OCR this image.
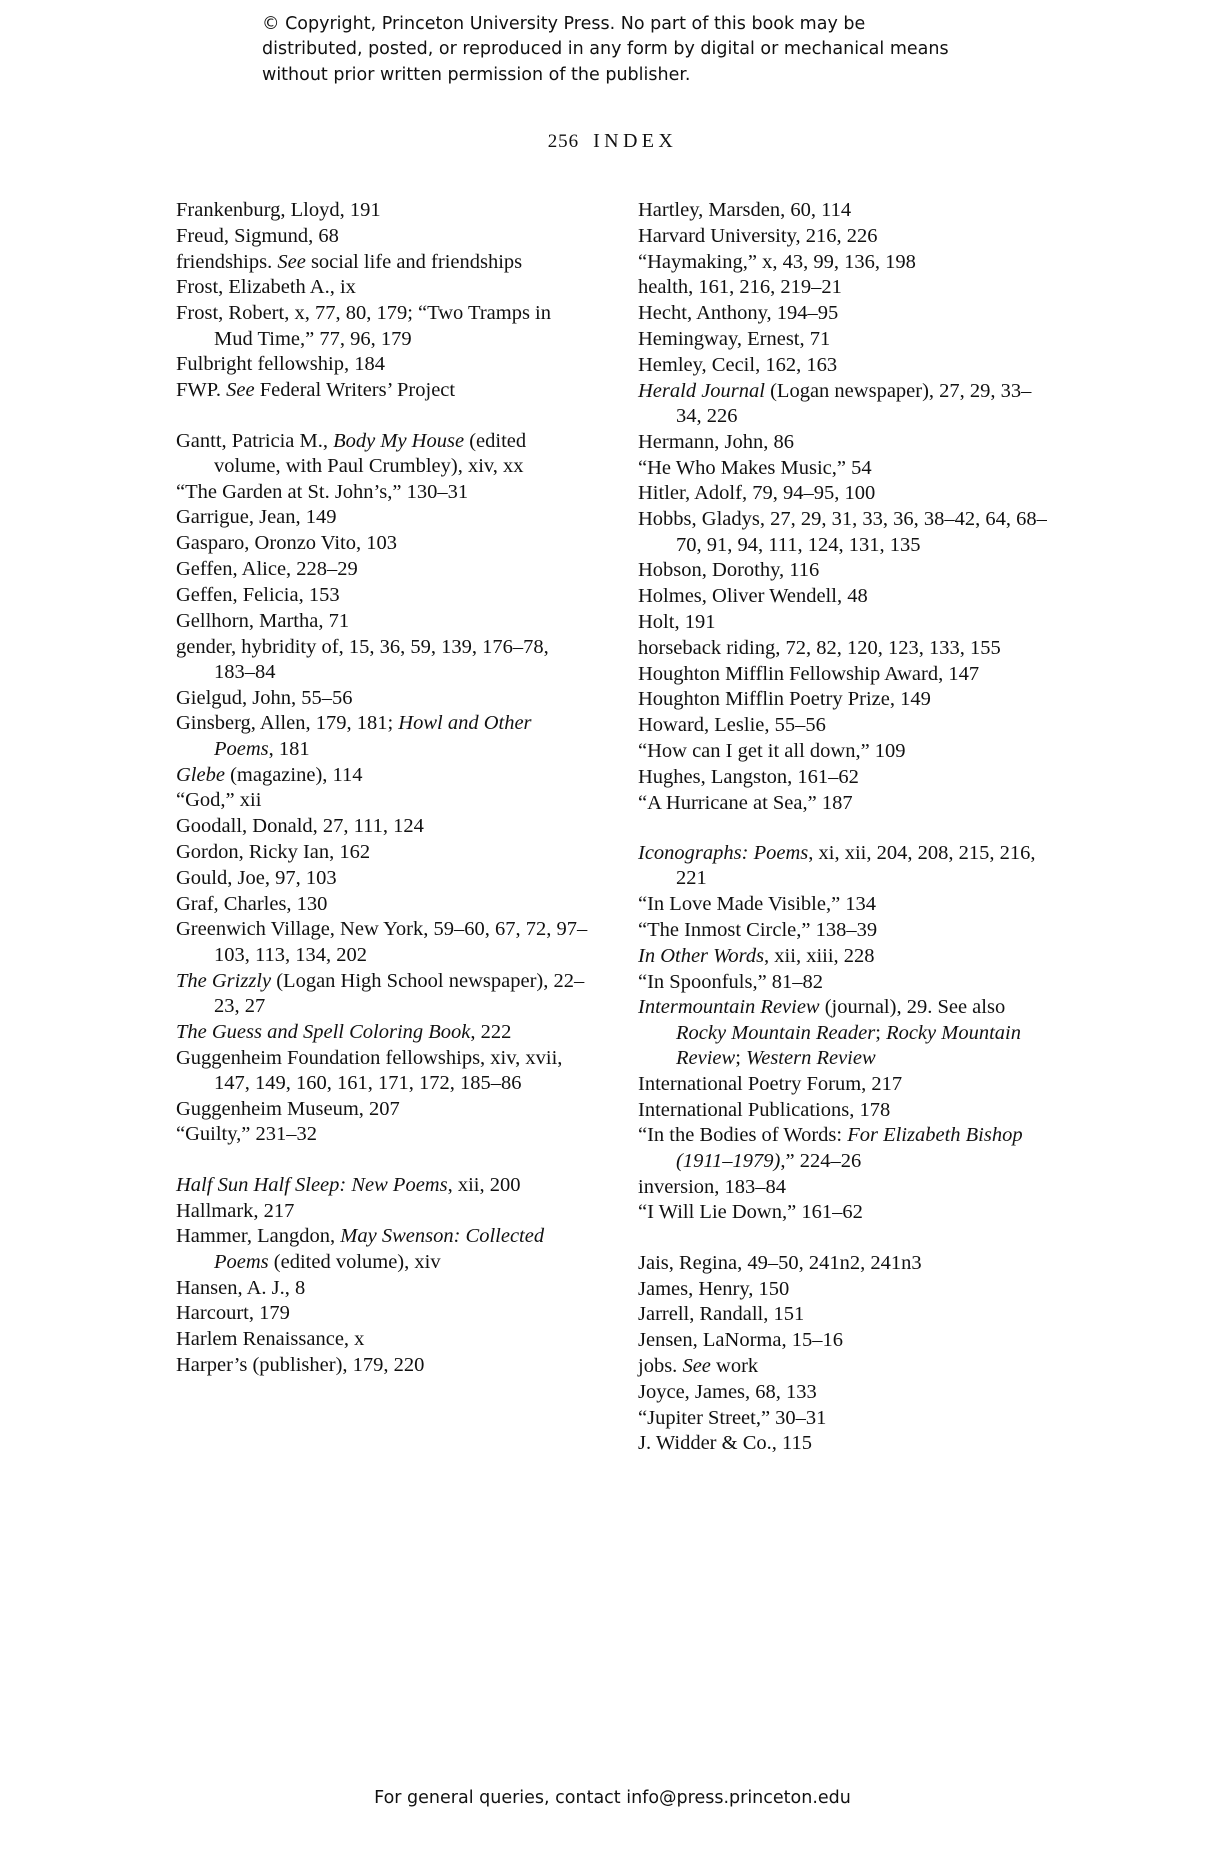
© Copyright, Princeton University Press. No part of this book may be distributed, posted, or reproduced in any form by digital or mechanical means without prior written permission of the publisher.
256 INDEX

Frankenburg, Lloyd, 191

Freud, Sigmund, 68

friendships. See social life and friendships

Frost, Elizabeth A., ix

Frost, Robert, x, 77, 80, 179; “Two Tramps in Mud Time,” 77, 96, 179

Fulbright fellowship, 184

FWP. See Federal Writers’ Project

Gantt, Patricia M., Body My House (edited volume, with Paul Crumbley), xiv, xx

“The Garden at St. John’s,” 130–31

Garrigue, Jean, 149

Gasparo, Oronzo Vito, 103

Geffen, Alice, 228–29

Geffen, Felicia, 153

Gellhorn, Martha, 71

gender, hybridity of, 15, 36, 59, 139, 176–78, 183–84

Gielgud, John, 55–56

Ginsberg, Allen, 179, 181; Howl and Other Poems, 181

Glebe (magazine), 114

“God,” xii

Goodall, Donald, 27, 111, 124

Gordon, Ricky Ian, 162

Gould, Joe, 97, 103

Graf, Charles, 130

Greenwich Village, New York, 59–60, 67, 72, 97–103, 113, 134, 202

The Grizzly (Logan High School newspaper), 22–23, 27

The Guess and Spell Coloring Book, 222

Guggenheim Foundation fellowships, xiv, xvii, 147, 149, 160, 161, 171, 172, 185–86

Guggenheim Museum, 207

“Guilty,” 231–32

Half Sun Half Sleep: New Poems, xii, 200

Hallmark, 217

Hammer, Langdon, May Swenson: Collected Poems (edited volume), xiv

Hansen, A. J., 8

Harcourt, 179

Harlem Renaissance, x

Harper’s (publisher), 179, 220

Hartley, Marsden, 60, 114

Harvard University, 216, 226

“Haymaking,” x, 43, 99, 136, 198

health, 161, 216, 219–21

Hecht, Anthony, 194–95

Hemingway, Ernest, 71

Hemley, Cecil, 162, 163

Herald Journal (Logan newspaper), 27, 29, 33–34, 226

Hermann, John, 86

“He Who Makes Music,” 54

Hitler, Adolf, 79, 94–95, 100

Hobbs, Gladys, 27, 29, 31, 33, 36, 38–42, 64, 68–70, 91, 94, 111, 124, 131, 135

Hobson, Dorothy, 116

Holmes, Oliver Wendell, 48

Holt, 191

horseback riding, 72, 82, 120, 123, 133, 155

Houghton Mifflin Fellowship Award, 147

Houghton Mifflin Poetry Prize, 149

Howard, Leslie, 55–56

“How can I get it all down,” 109

Hughes, Langston, 161–62

“A Hurricane at Sea,” 187

Iconographs: Poems, xi, xii, 204, 208, 215, 216, 221

“In Love Made Visible,” 134

“The Inmost Circle,” 138–39

In Other Words, xii, xiii, 228

“In Spoonfuls,” 81–82

Intermountain Review (journal), 29. See also Rocky Mountain Reader; Rocky Mountain Review; Western Review

International Poetry Forum, 217

International Publications, 178

“In the Bodies of Words: For Elizabeth Bishop (1911–1979),” 224–26

inversion, 183–84

“I Will Lie Down,” 161–62

Jais, Regina, 49–50, 241n2, 241n3

James, Henry, 150

Jarrell, Randall, 151

Jensen, LaNorma, 15–16

jobs. See work

Joyce, James, 68, 133

“Jupiter Street,” 30–31

J. Widder & Co., 115

For general queries, contact info@press.princeton.edu
